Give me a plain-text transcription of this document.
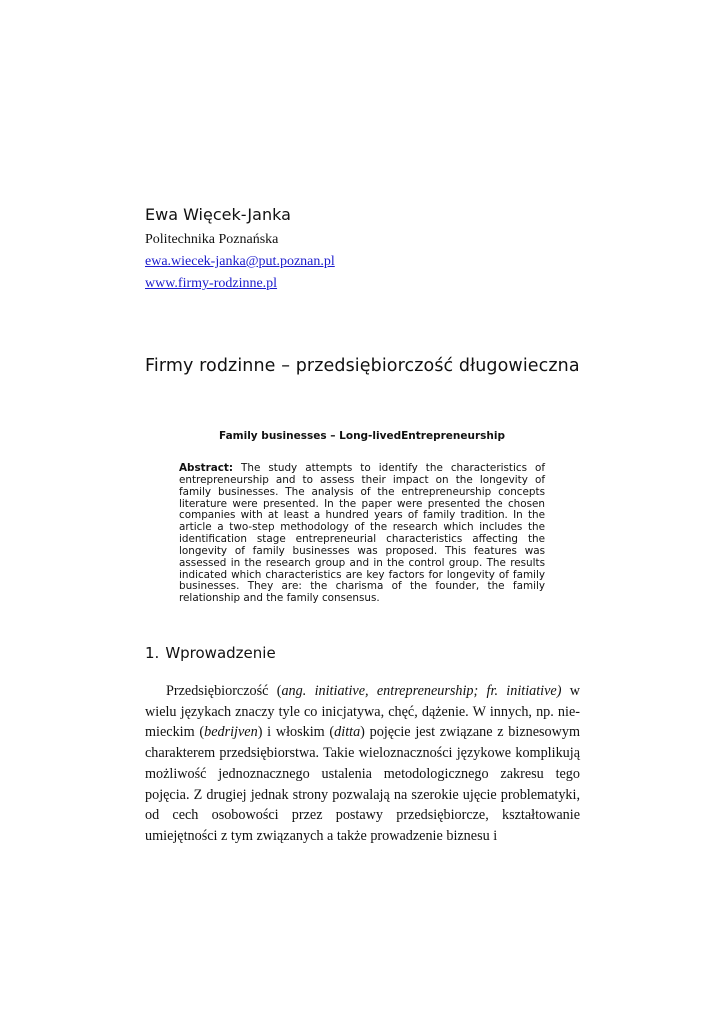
Ewa Więcek-Janka
Politechnika Poznańska
ewa.wiecek-janka@put.poznan.pl
www.firmy-rodzinne.pl
Firmy rodzinne – przedsiębiorczość długowieczna

Family businesses – Long-livedEntrepreneurship

Abstract: The study attempts to identify the characteristics of entrepreneurship and to assess their impact on the longevity of family businesses. The analysis of the entrepreneurship concepts literature were presented. In the paper were presented the chosen companies with at least a hundred years of family tradition. In the article a two-step methodology of the research which includes the identification stage entrepreneurial characteristics affecting the longevity of family businesses was proposed. This features was assessed in the research group and in the control group. The results indicated which characteristics are key factors for longevity of family businesses. They are: the charisma of the founder, the family relationship and the family consensus.

1. Wprowadzenie

Przedsiębiorczość (ang. initiative, entrepreneurship; fr. initiative) w wielu językach znaczy tyle co inicjatywa, chęć, dążenie. W innych, np. niemieckim (bedrijven) i włoskim (ditta) pojęcie jest związane z biznesowym charakterem przedsiębiorstwa. Takie wieloznaczności językowe komplikują możliwość jednoznacznego ustalenia metodologicznego zakresu tego pojęcia. Z drugiej jednak strony pozwalają na szerokie ujęcie problematyki, od cech osobowości przez postawy przedsiębiorcze, kształtowanie umiejętności z tym związanych a także prowadzenie biznesu i
